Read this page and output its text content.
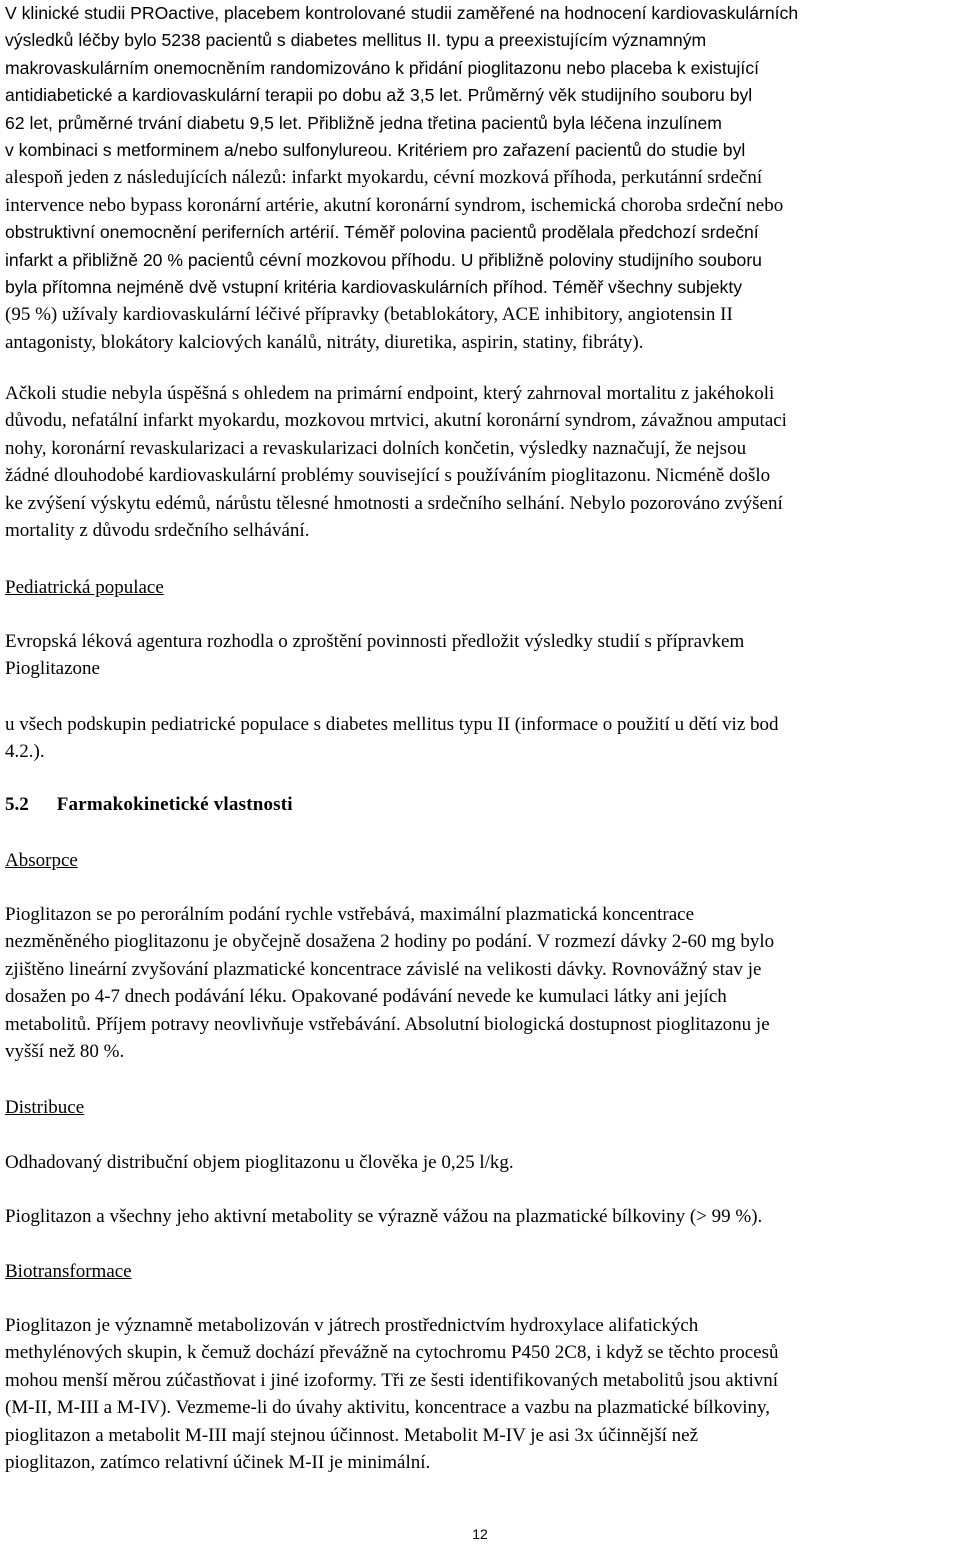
V klinické studii PROactive, placebem kontrolované studii zaměřené na hodnocení kardiovaskulárních
výsledků léčby bylo 5238 pacientů s diabetes mellitus II. typu a preexistujícím významným
makrovaskulárním onemocněním randomizováno k přidání pioglitazonu nebo placeba k existující
antidiabetické a kardiovaskulární terapii po dobu až 3,5 let. Průměrný věk studijního souboru byl
62 let, průměrné trvání diabetu 9,5 let. Přibližně jedna třetina pacientů byla léčena inzulínem
v kombinaci s metforminem a/nebo sulfonylureou. Kritériem pro zařazení pacientů do studie byl
alespoň jeden z následujících nálezů: infarkt myokardu, cévní mozková příhoda, perkutánní srdeční
intervence nebo bypass koronární artérie, akutní koronární syndrom, ischemická choroba srdeční nebo
obstruktivní onemocnění periferních artérií. Téměř polovina pacientů prodělala předchozí srdeční
infarkt a přibližně 20 % pacientů cévní mozkovou příhodu. U přibližně poloviny studijního souboru
byla přítomna nejméně dvě vstupní kritéria kardiovaskulárních příhod. Téměř všechny subjekty
(95 %) užívaly kardiovaskulární léčivé přípravky (betablokátory, ACE inhibitory, angiotensin II
antagonisty, blokátory kalciových kanálů, nitráty, diuretika, aspirin, statiny, fibráty).

Ačkoli studie nebyla úspěšná s ohledem na primární endpoint, který zahrnoval mortalitu z jakéhokoli
důvodu, nefatální infarkt myokardu, mozkovou mrtvici, akutní koronární syndrom, závažnou amputaci
nohy, koronární revaskularizaci a revaskularizaci dolních končetin, výsledky naznačují, že nejsou
žádné dlouhodobé kardiovaskulární problémy související s používáním pioglitazonu. Nicméně došlo
ke zvýšení výskytu edémů, nárůstu tělesné hmotnosti a srdečního selhání. Nebylo pozorováno zvýšení
mortality z důvodu srdečního selhávání.

Pediatrická populace

Evropská léková agentura rozhodla o zproštění povinnosti předložit výsledky studií s přípravkem
Pioglitazone

u všech podskupin pediatrické populace s diabetes mellitus typu II (informace o použití u dětí viz bod
4.2.).

5.2 Farmakokinetické vlastnosti
Absorpce

Pioglitazon se po perorálním podání rychle vstřebává, maximální plazmatická koncentrace
nezměněného pioglitazonu je obyčejně dosažena 2 hodiny po podání. V rozmezí dávky 2-60 mg bylo
zjištěno lineární zvyšování plazmatické koncentrace závislé na velikosti dávky. Rovnovážný stav je
dosažen po 4-7 dnech podávání léku. Opakované podávání nevede ke kumulaci látky ani jejích
metabolitů. Příjem potravy neovlivňuje vstřebávání. Absolutní biologická dostupnost pioglitazonu je
vyšší než 80 %.

Distribuce

Odhadovaný distribuční objem pioglitazonu u člověka je 0,25 l/kg.

Pioglitazon a všechny jeho aktivní metabolity se výrazně vážou na plazmatické bílkoviny (> 99 %).

Biotransformace

Pioglitazon je významně metabolizován v játrech prostřednictvím hydroxylace alifatických
methylénových skupin, k čemuž dochází převážně na cytochromu P450 2C8, i když se těchto procesů
mohou menší měrou zúčastňovat i jiné izoformy. Tři ze šesti identifikovaných metabolitů jsou aktivní
(M-II, M-III a M-IV). Vezmeme-li do úvahy aktivitu, koncentrace a vazbu na plazmatické bílkoviny,
pioglitazon a metabolit M-III mají stejnou účinnost. Metabolit M-IV je asi 3x účinnější než
pioglitazon, zatímco relativní účinek M-II je minimální.

12
